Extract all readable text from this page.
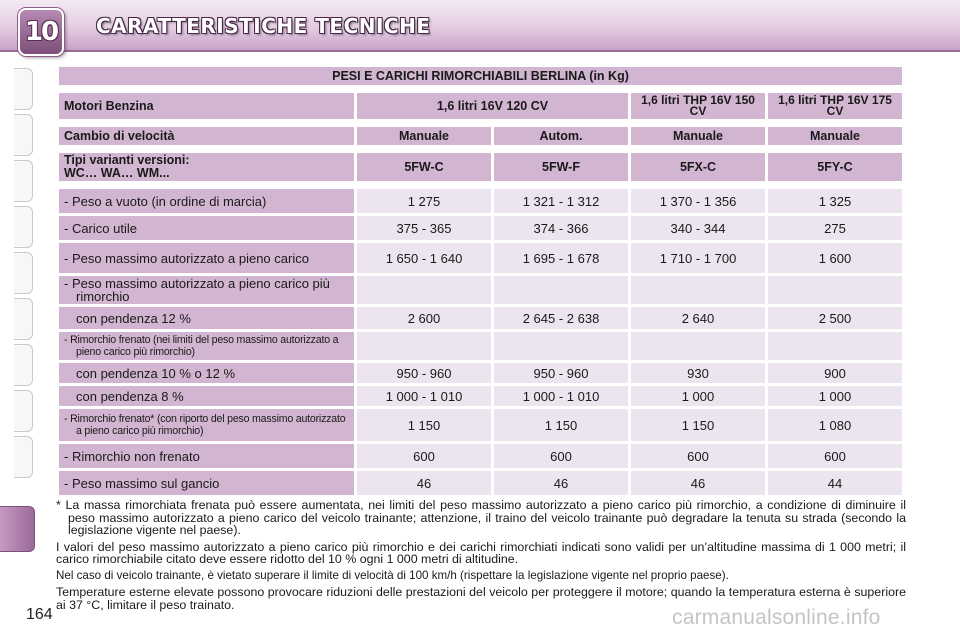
10 CARATTERISTICHE TECNICHE
PESI E CARICHI RIMORCHIABILI BERLINA (in Kg)				

Motori Benzina	1,6 litri 16V 120 CV		1,6 litri THP 16V 150 CV	1,6 litri THP 16V 175 CV

Cambio di velocità	Manuale	Autom.	Manuale	Manuale

Tipi varianti versioni:
WC… WA… WM...	5FW-C	5FW-F	5FX-C	5FY-C

- Peso a vuoto (in ordine di marcia)	1 275	1 321 - 1 312	1 370 - 1 356	1 325

- Carico utile	375 - 365	374 - 366	340 - 344	275

- Peso massimo autorizzato a pieno carico	1 650 - 1 640	1 695 - 1 678	1 710 - 1 700	1 600

- Peso massimo autorizzato a pieno carico più rimorchio				

con pendenza 12 %	2 600	2 645 - 2 638	2 640	2 500

- Rimorchio frenato (nei limiti del peso massimo autorizzato a pieno carico più rimorchio)				

con pendenza 10 % o 12 %	950 - 960	950 - 960	930	900

con pendenza 8 %	1 000 - 1 010	1 000 - 1 010	1 000	1 000

- Rimorchio frenato* (con riporto del peso massimo autorizzato a pieno carico più rimorchio)	1 150	1 150	1 150	1 080

- Rimorchio non frenato	600	600	600	600

- Peso massimo sul gancio	46	46	46	44

* La massa rimorchiata frenata può essere aumentata, nei limiti del peso massimo autorizzato a pieno carico più rimorchio, a condizione di diminuire il peso massimo autorizzato a pieno carico del veicolo trainante; attenzione, il traino del veicolo trainante può degradare la tenuta su strada (secondo la legislazione vigente nel paese).

I valori del peso massimo autorizzato a pieno carico più rimorchio e dei carichi rimorchiati indicati sono validi per un’altitudine massima di 1 000 metri; il carico rimorchiabile citato deve essere ridotto del 10 % ogni 1 000 metri di altitudine.

Nel caso di veicolo trainante, è vietato superare il limite di velocità di 100 km/h (rispettare la legislazione vigente nel proprio paese).

Temperature esterne elevate possono provocare riduzioni delle prestazioni del veicolo per proteggere il motore; quando la temperatura esterna è superiore ai 37 °C, limitare il peso trainato.

164	carmanualsonline.info
